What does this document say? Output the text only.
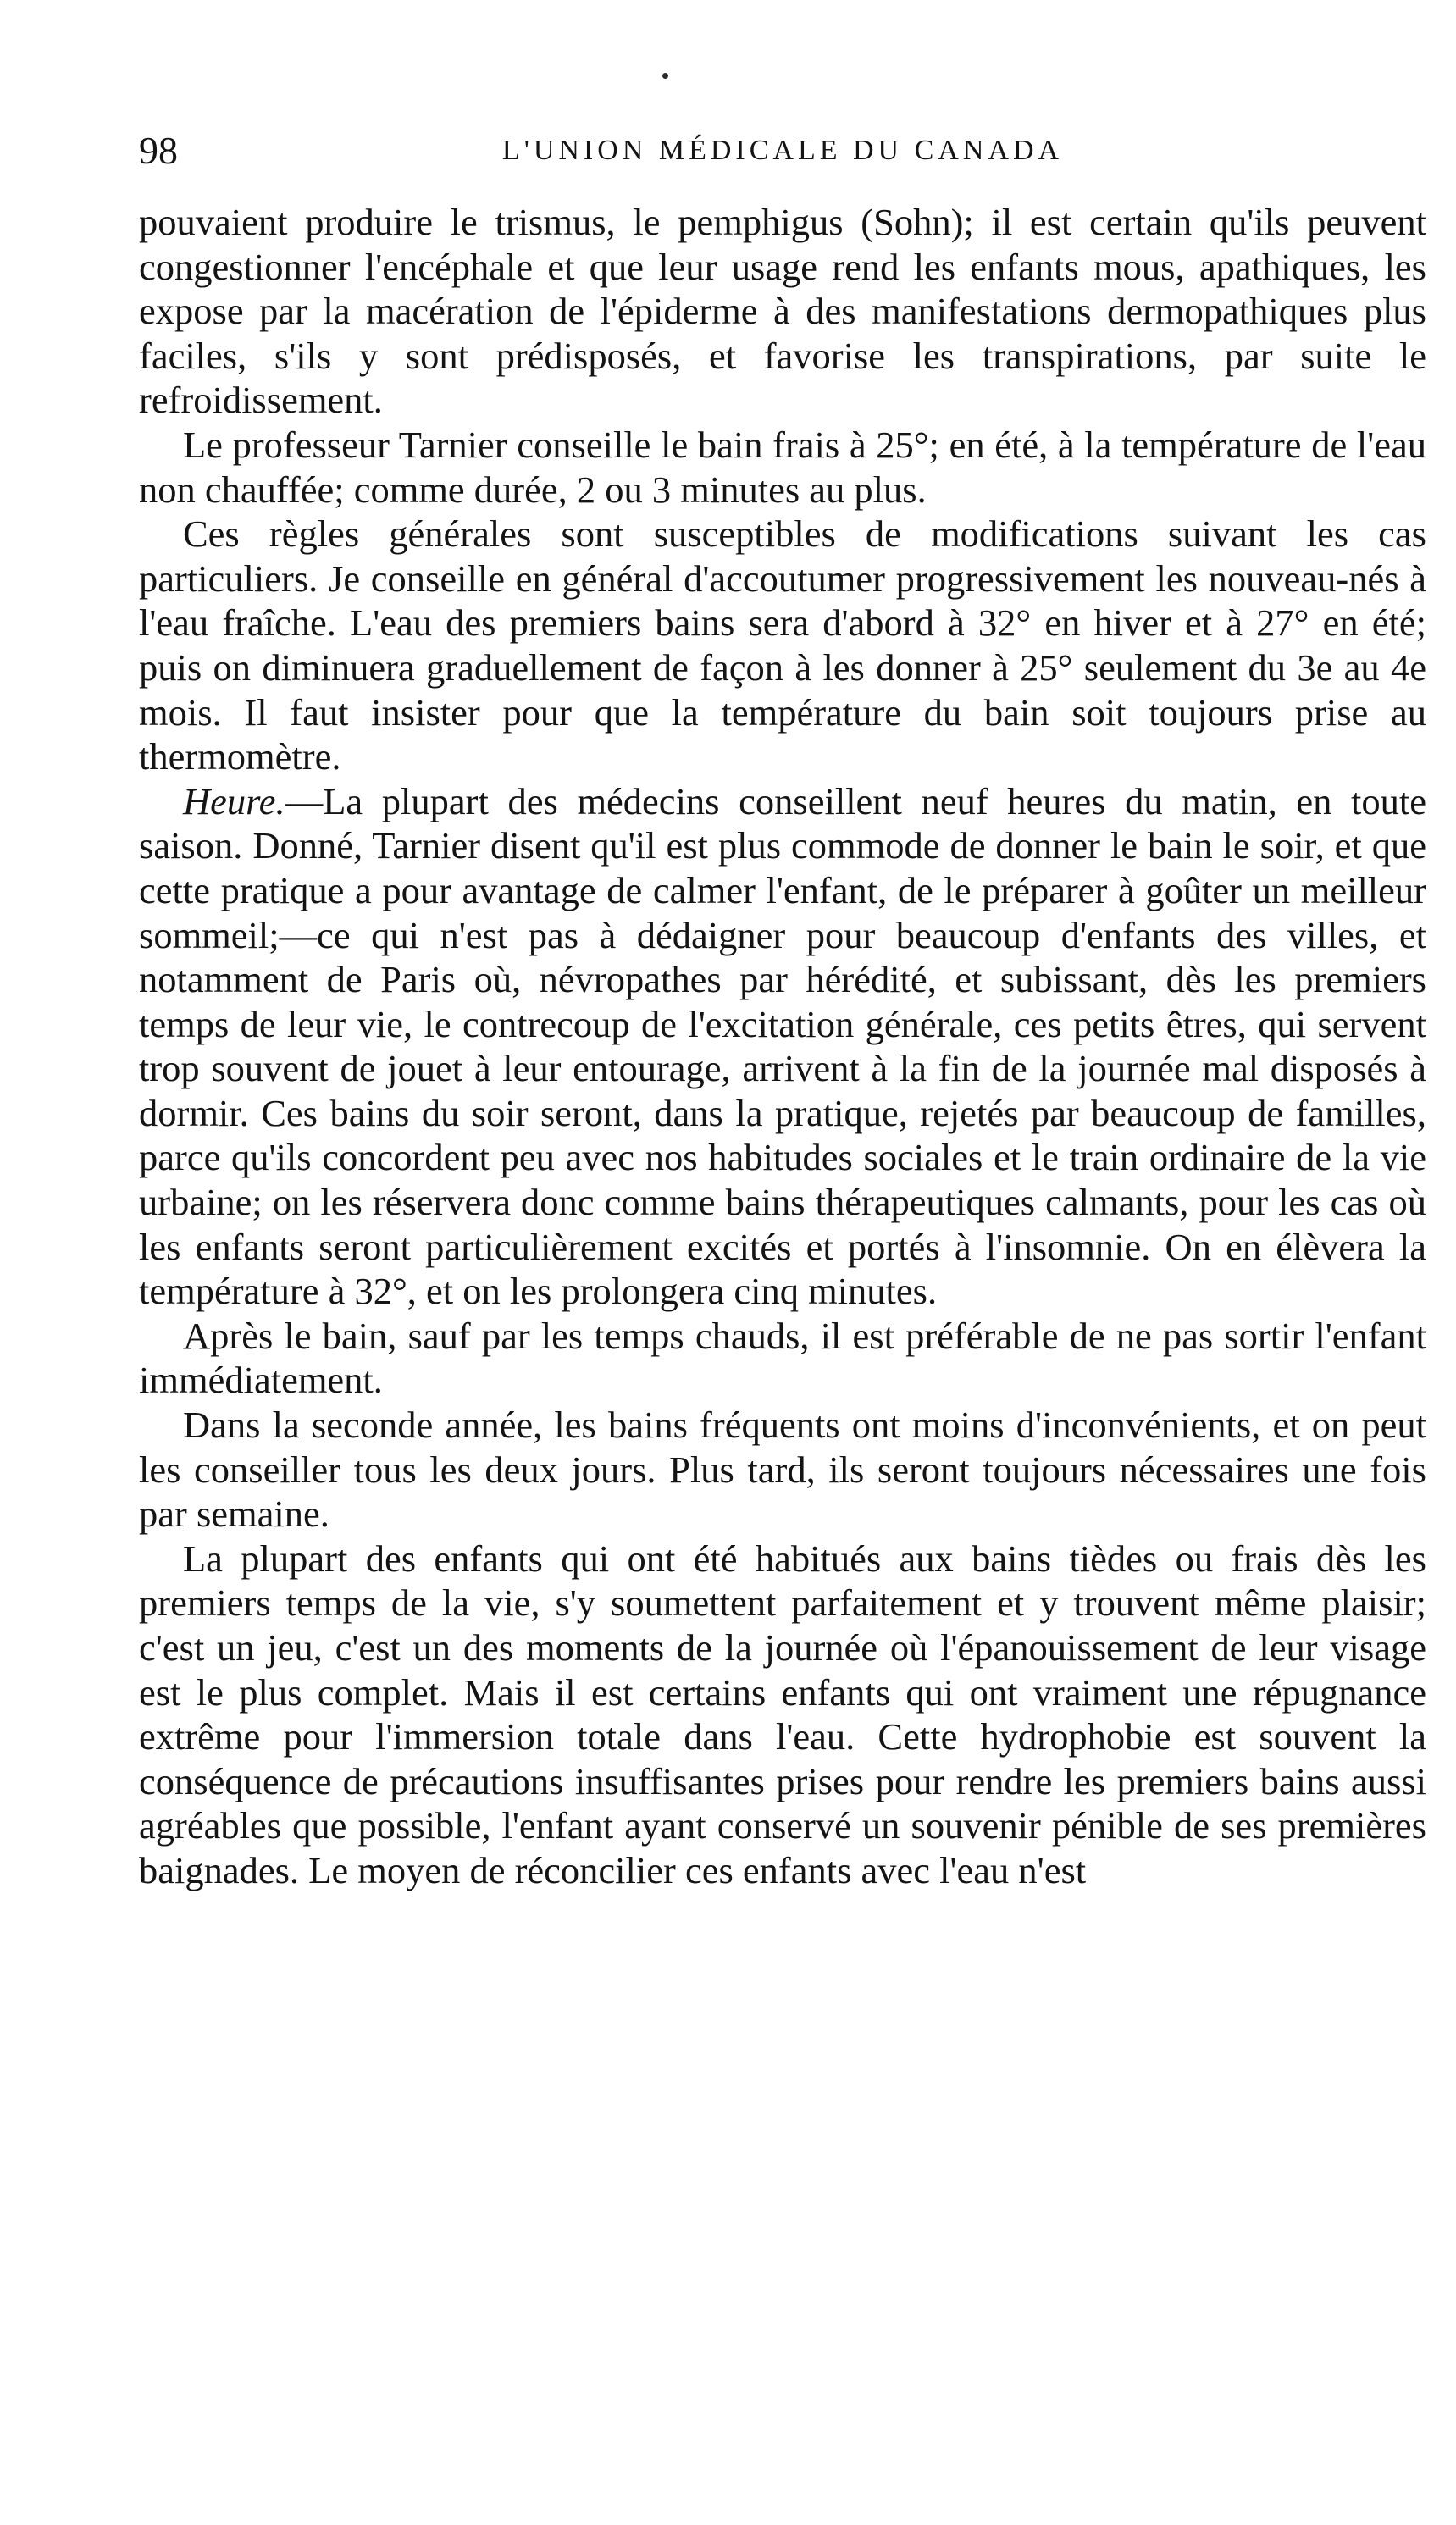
98	L'UNION MÉDICALE DU CANADA

pouvaient produire le trismus, le pemphigus (Sohn); il est certain qu'ils peuvent congestionner l'encéphale et que leur usage rend les enfants mous, apathiques, les expose par la macération de l'épiderme à des manifestations dermopathiques plus faciles, s'ils y sont prédisposés, et favorise les transpirations, par suite le refroidissement.

Le professeur Tarnier conseille le bain frais à 25°; en été, à la température de l'eau non chauffée; comme durée, 2 ou 3 minutes au plus.

Ces règles générales sont susceptibles de modifications suivant les cas particuliers. Je conseille en général d'accoutumer progressivement les nouveau-nés à l'eau fraîche. L'eau des premiers bains sera d'abord à 32° en hiver et à 27° en été; puis on diminuera graduellement de façon à les donner à 25° seulement du 3e au 4e mois. Il faut insister pour que la température du bain soit toujours prise au thermomètre.

Heure.—La plupart des médecins conseillent neuf heures du matin, en toute saison. Donné, Tarnier disent qu'il est plus commode de donner le bain le soir, et que cette pratique a pour avantage de calmer l'enfant, de le préparer à goûter un meilleur sommeil;—ce qui n'est pas à dédaigner pour beaucoup d'enfants des villes, et notamment de Paris où, névropathes par hérédité, et subissant, dès les premiers temps de leur vie, le contrecoup de l'excitation générale, ces petits êtres, qui servent trop souvent de jouet à leur entourage, arrivent à la fin de la journée mal disposés à dormir. Ces bains du soir seront, dans la pratique, rejetés par beaucoup de familles, parce qu'ils concordent peu avec nos habitudes sociales et le train ordinaire de la vie urbaine; on les réservera donc comme bains thérapeutiques calmants, pour les cas où les enfants seront particulièrement excités et portés à l'insomnie. On en élèvera la température à 32°, et on les prolongera cinq minutes.

Après le bain, sauf par les temps chauds, il est préférable de ne pas sortir l'enfant immédiatement.

Dans la seconde année, les bains fréquents ont moins d'inconvénients, et on peut les conseiller tous les deux jours. Plus tard, ils seront toujours nécessaires une fois par semaine.

La plupart des enfants qui ont été habitués aux bains tièdes ou frais dès les premiers temps de la vie, s'y soumettent parfaitement et y trouvent même plaisir; c'est un jeu, c'est un des moments de la journée où l'épanouissement de leur visage est le plus complet. Mais il est certains enfants qui ont vraiment une répugnance extrême pour l'immersion totale dans l'eau. Cette hydrophobie est souvent la conséquence de précautions insuffisantes prises pour rendre les premiers bains aussi agréables que possible, l'enfant ayant conservé un souvenir pénible de ses premières baignades. Le moyen de réconcilier ces enfants avec l'eau n'est
